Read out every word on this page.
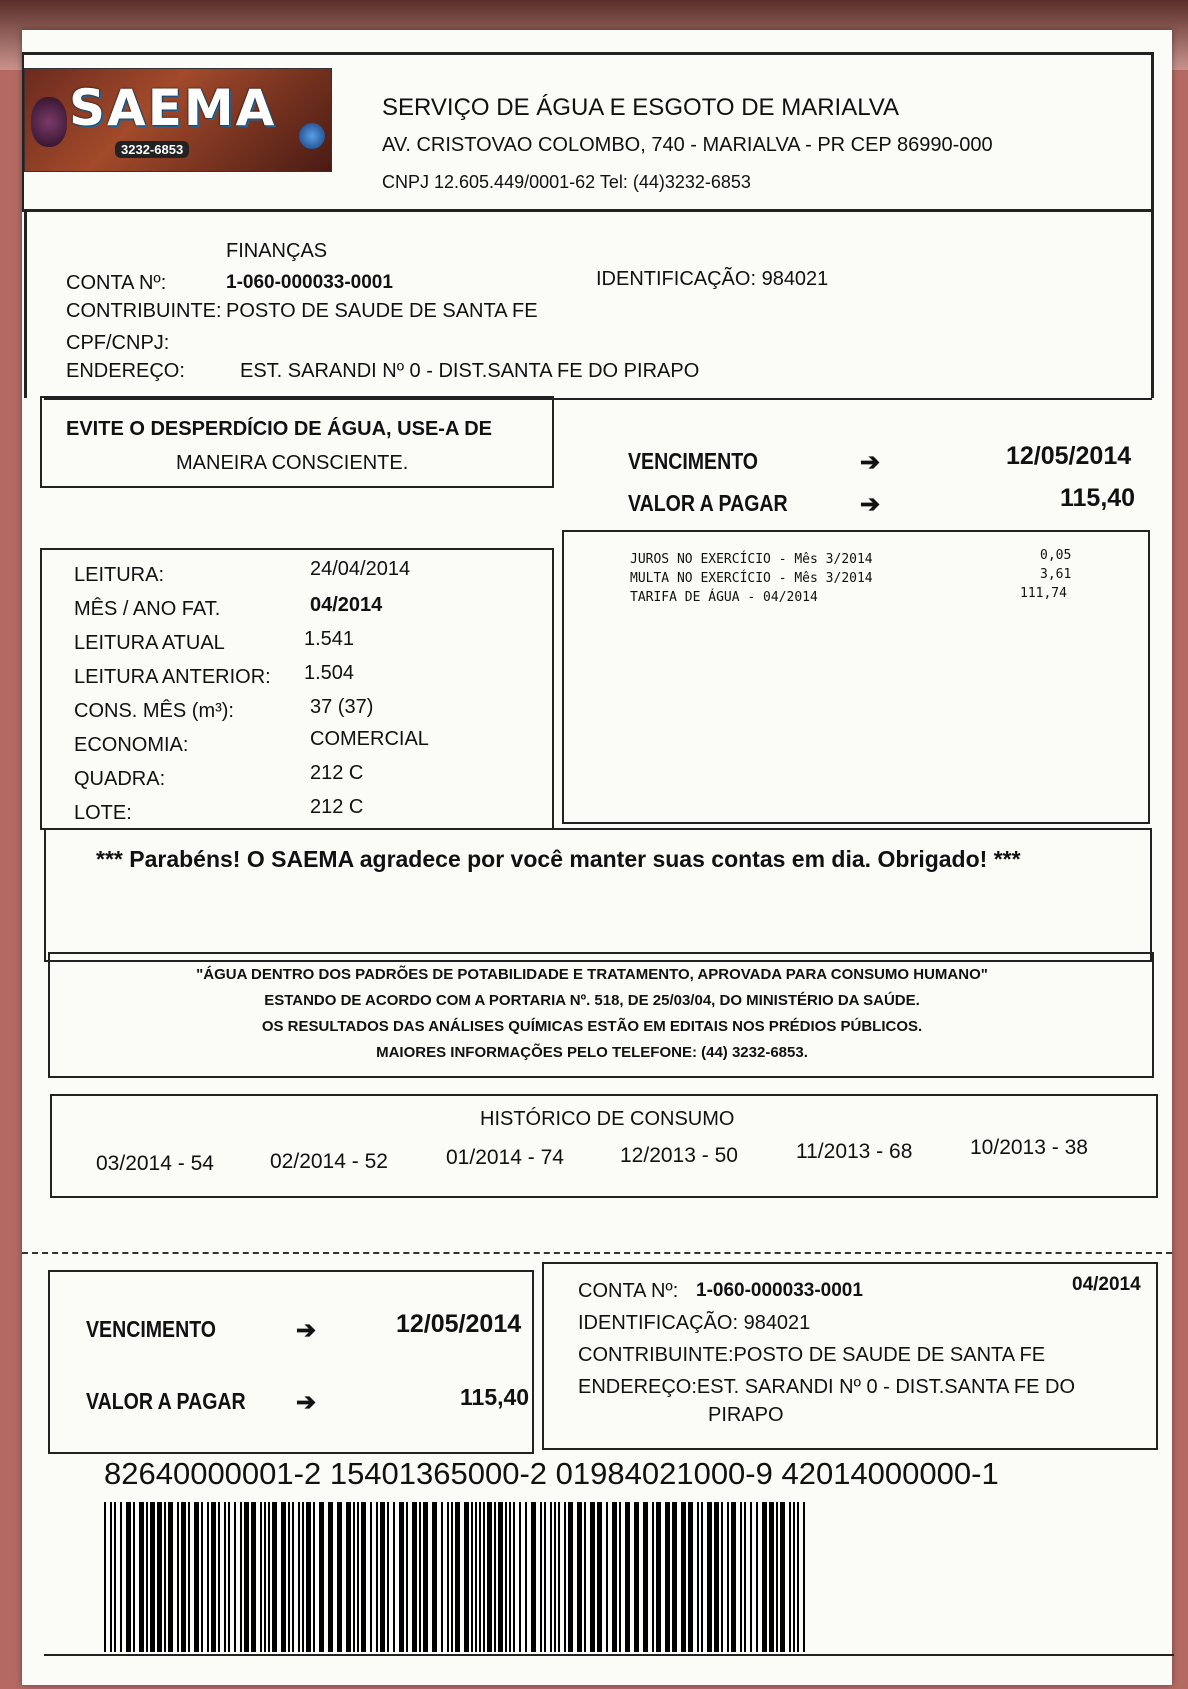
SAEMA
3232-6853
SERVIÇO DE ÁGUA E ESGOTO DE MARIALVA
AV. CRISTOVAO COLOMBO, 740 - MARIALVA - PR CEP 86990-000
CNPJ 12.605.449/0001-62 Tel: (44)3232-6853
FINANÇAS
CONTA Nº:	1-060-000033-0001	IDENTIFICAÇÃO: 984021
CONTRIBUINTE: POSTO DE SAUDE DE SANTA FE
CPF/CNPJ:
ENDEREÇO:	EST. SARANDI Nº 0 - DIST.SANTA FE DO PIRAPO
EVITE O DESPERDÍCIO DE ÁGUA, USE-A DE
MANEIRA CONSCIENTE.	VENCIMENTO	➔	12/05/2014
VALOR A PAGAR	➔	115,40
LEITURA:	24/04/2014
MÊS / ANO FAT.	04/2014
LEITURA ATUAL	1.541
LEITURA ANTERIOR: 1.504
CONS. MÊS (m³):	37 (37)
ECONOMIA:	COMERCIAL
QUADRA:	212 C
LOTE:	212 C
JUROS NO EXERCÍCIO - Mês 3/2014	0,05
MULTA NO EXERCÍCIO - Mês 3/2014	3,61
TARIFA DE ÁGUA - 04/2014	111,74
*** Parabéns! O SAEMA agradece por você manter suas contas em dia. Obrigado! ***
"ÁGUA DENTRO DOS PADRÕES DE POTABILIDADE E TRATAMENTO, APROVADA PARA CONSUMO HUMANO"
ESTANDO DE ACORDO COM A PORTARIA Nº. 518, DE 25/03/04, DO MINISTÉRIO DA SAÚDE.
OS RESULTADOS DAS ANÁLISES QUÍMICAS ESTÃO EM EDITAIS NOS PRÉDIOS PÚBLICOS.
MAIORES INFORMAÇÕES PELO TELEFONE: (44) 3232-6853.
HISTÓRICO DE CONSUMO
03/2014 - 54	02/2014 - 52	01/2014 - 74	12/2013 - 50	11/2013 - 68	10/2013 - 38
VENCIMENTO	➔	12/05/2014
VALOR A PAGAR ➔	115,40
CONTA Nº: 1-060-000033-0001	04/2014
IDENTIFICAÇÃO: 984021
CONTRIBUINTE:POSTO DE SAUDE DE SANTA FE
ENDEREÇO:EST. SARANDI Nº 0 - DIST.SANTA FE DO
PIRAPO
82640000001-2 15401365000-2 01984021000-9 42014000000-1
